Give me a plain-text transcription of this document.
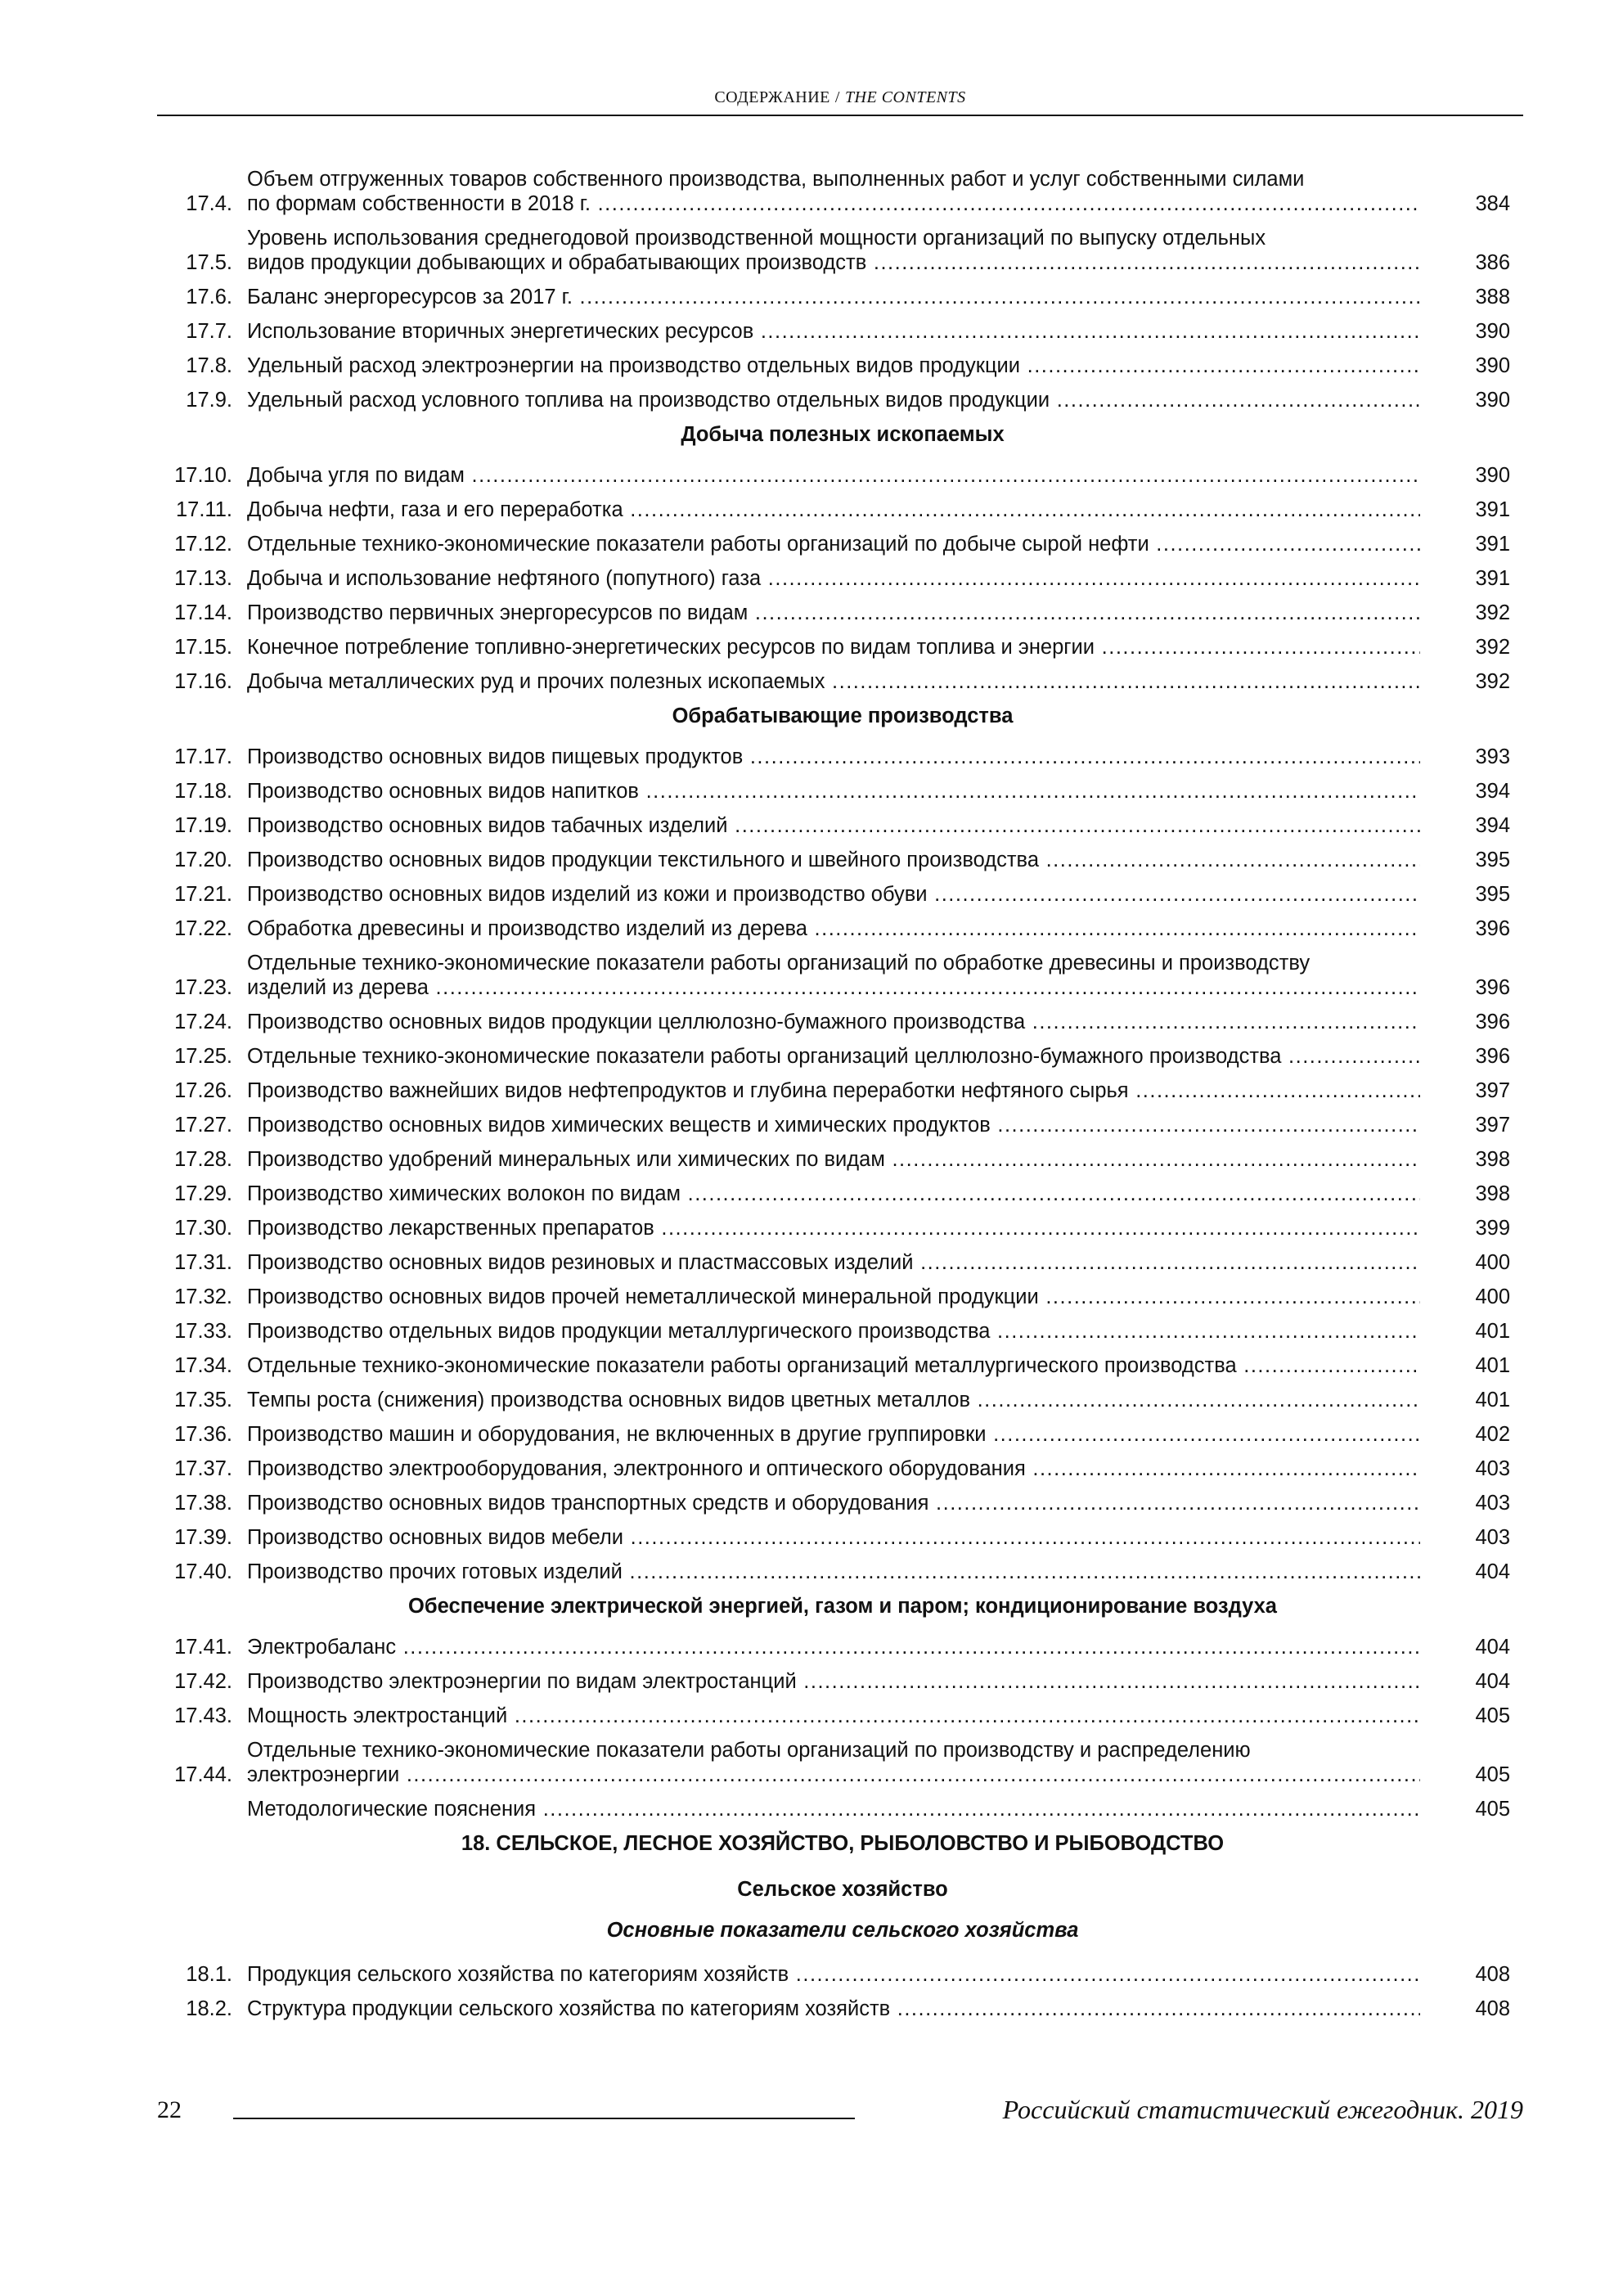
СОДЕРЖАНИЕ / THE CONTENTS
17.4.
Объем отгруженных товаров собственного производства, выполненных работ и услуг собственными силами
по формам собственности в 2018 г. .....	384
17.5.
Уровень использования среднегодовой производственной мощности организаций по выпуску отдельных
видов продукции добывающих и обрабатывающих производств .....	386
17.6. Баланс энергоресурсов за 2017 г. .....	388
17.7. Использование вторичных энергетических ресурсов .....	390
17.8. Удельный расход электроэнергии на производство отдельных видов продукции .....	390
17.9. Удельный расход условного топлива на производство отдельных видов продукции .....	390
Добыча полезных ископаемых
17.10. Добыча угля по видам .....	390
17.11. Добыча нефти, газа и его переработка .....	391
17.12. Отдельные технико-экономические показатели работы организаций по добыче сырой нефти .....	391
17.13. Добыча и использование нефтяного (попутного) газа .....	391
17.14. Производство первичных энергоресурсов по видам .....	392
17.15. Конечное потребление топливно-энергетических ресурсов по видам топлива и энергии .....	392
17.16. Добыча металлических руд и прочих полезных ископаемых .....	392
Обрабатывающие производства
17.17. Производство основных видов пищевых продуктов .....	393
17.18. Производство основных видов напитков .....	394
17.19. Производство основных видов табачных изделий .....	394
17.20. Производство основных видов продукции текстильного и швейного производства .....	395
17.21. Производство основных видов изделий из кожи и производство обуви .....	395
17.22. Обработка древесины и производство изделий из дерева .....	396
17.23.
Отдельные технико-экономические показатели работы организаций по обработке древесины и производству
изделий из дерева .....	396
17.24. Производство основных видов продукции целлюлозно-бумажного производства .....	396
17.25. Отдельные технико-экономические показатели работы организаций целлюлозно-бумажного производства .....	396
17.26. Производство важнейших видов нефтепродуктов и глубина переработки нефтяного сырья .....	397
17.27. Производство основных видов химических веществ и химических продуктов .....	397
17.28. Производство удобрений минеральных или химических по видам .....	398
17.29. Производство химических волокон по видам .....	398
17.30. Производство лекарственных препаратов .....	399
17.31. Производство основных видов резиновых и пластмассовых изделий .....	400
17.32. Производство основных видов прочей неметаллической минеральной продукции .....	400
17.33. Производство отдельных видов продукции металлургического производства .....	401
17.34. Отдельные технико-экономические показатели работы организаций металлургического производства .....	401
17.35. Темпы роста (снижения) производства основных видов цветных металлов .....	401
17.36. Производство машин и оборудования, не включенных в другие группировки .....	402
17.37. Производство электрооборудования, электронного и оптического оборудования .....	403
17.38. Производство основных видов транспортных средств и оборудования .....	403
17.39. Производство основных видов мебели .....	403
17.40. Производство прочих готовых изделий .....	404
Обеспечение электрической энергией, газом и паром; кондиционирование воздуха
17.41. Электробаланс .....	404
17.42. Производство электроэнергии по видам электростанций .....	404
17.43. Мощность электростанций .....	405
17.44.
Отдельные технико-экономические показатели работы организаций по производству и распределению
электроэнергии .....	405
Методологические пояснения .....	405
18. СЕЛЬСКОЕ, ЛЕСНОЕ ХОЗЯЙСТВО, РЫБОЛОВСТВО И РЫБОВОДСТВО
Сельское хозяйство
Основные показатели сельского хозяйства
18.1. Продукция сельского хозяйства по категориям хозяйств .....	408
18.2. Структура продукции сельского хозяйства по категориям хозяйств .....	408
22	Российский статистический ежегодник. 2019
